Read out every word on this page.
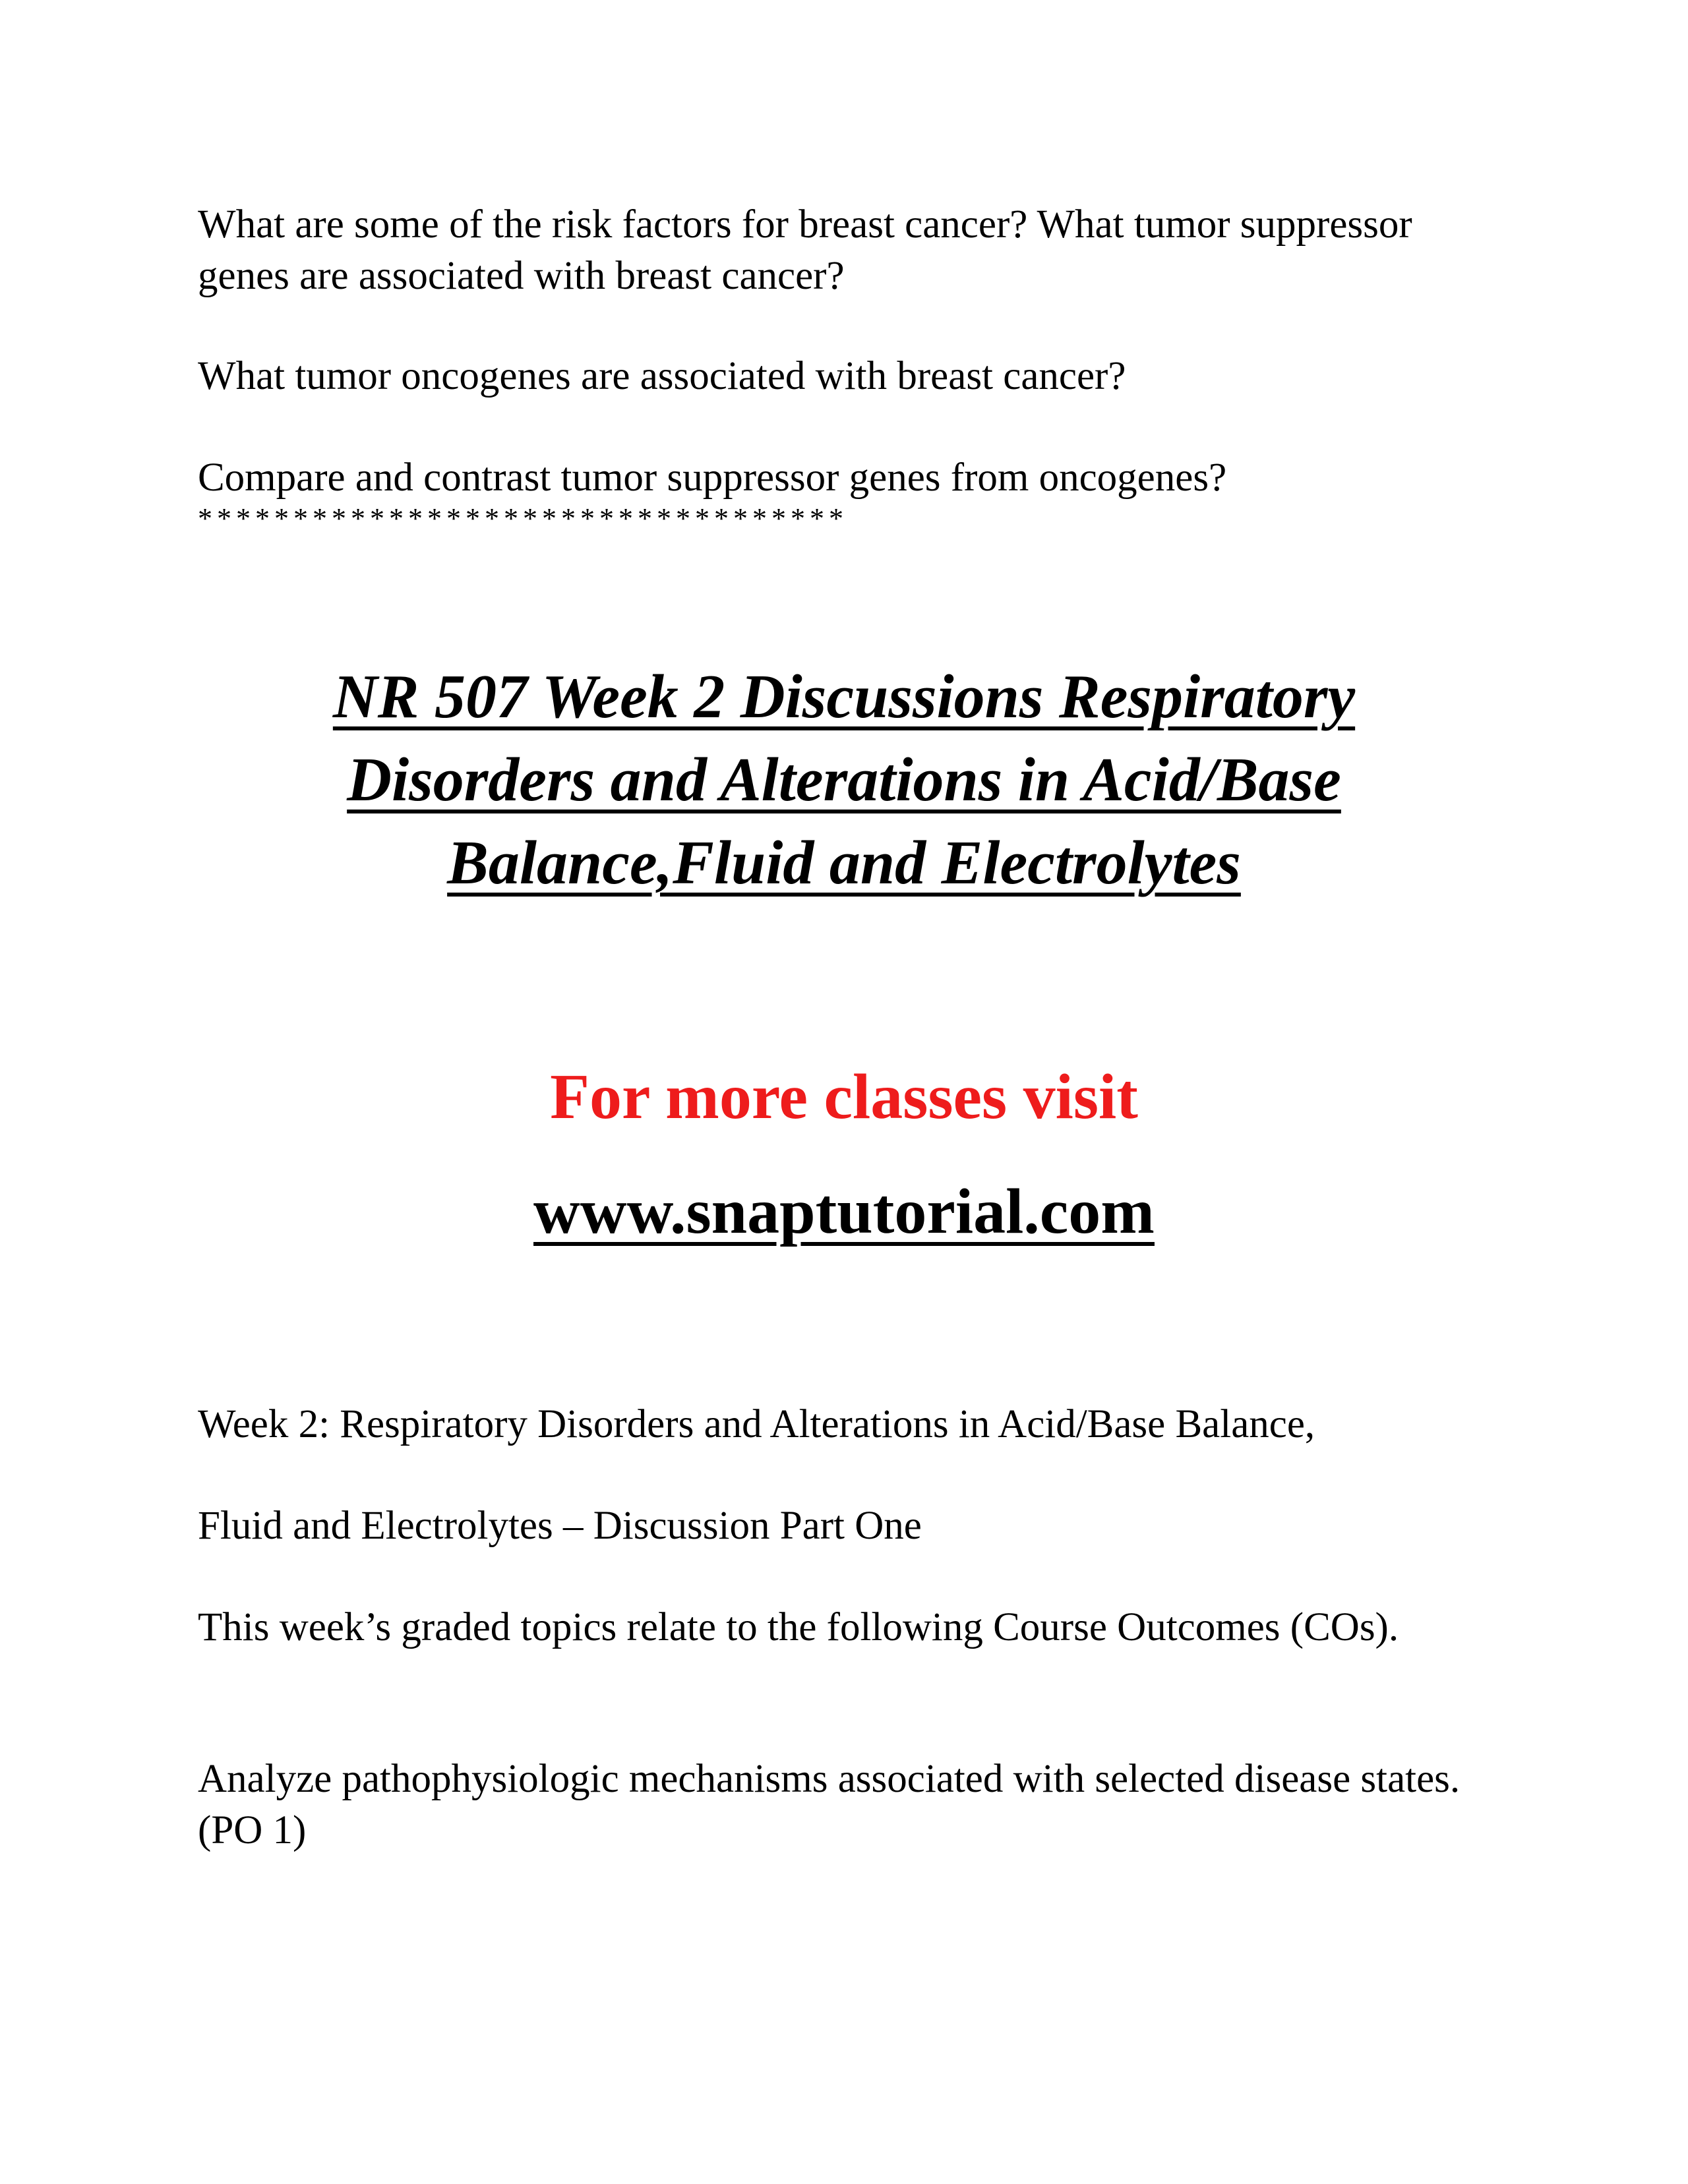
What are some of the risk factors for breast cancer? What tumor suppressor genes are associated with breast cancer?

What tumor oncogenes are associated with breast cancer?

Compare and contrast tumor suppressor genes from oncogenes?

**********************************

NR 507 Week 2 Discussions Respiratory
Disorders and Alterations in Acid/Base
Balance,Fluid and Electrolytes

For more classes visit

www.snaptutorial.com

Week 2: Respiratory Disorders and Alterations in Acid/Base Balance,

Fluid and Electrolytes – Discussion Part One

This week’s graded topics relate to the following Course Outcomes (COs).

Analyze pathophysiologic mechanisms associated with selected disease states. (PO 1)
